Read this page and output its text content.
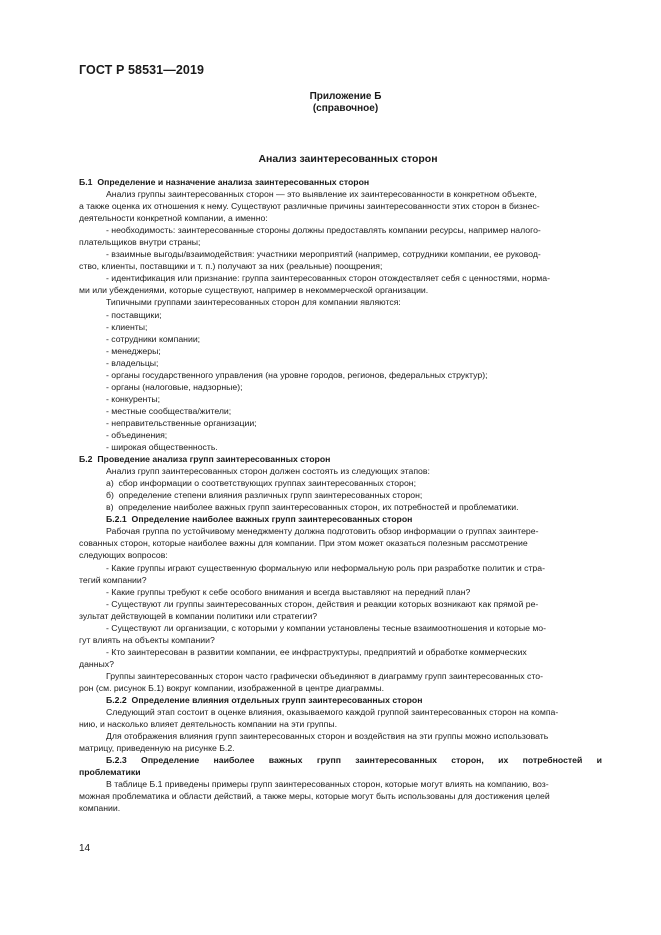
ГОСТ Р 58531—2019
Приложение Б
(справочное)
Анализ заинтересованных сторон
Б.1  Определение и назначение анализа заинтересованных сторон
Анализ группы заинтересованных сторон — это выявление их заинтересованности в конкретном объекте,
а также оценка их отношения к нему. Существуют различные причины заинтересованности этих сторон в бизнес-
деятельности конкретной компании, а именно:
- необходимость: заинтересованные стороны должны предоставлять компании ресурсы, например налого-
плательщиков внутри страны;
- взаимные выгоды/взаимодействия: участники мероприятий (например, сотрудники компании, ее руковод-
ство, клиенты, поставщики и т. п.) получают за них (реальные) поощрения;
- идентификация или признание: группа заинтересованных сторон отождествляет себя с ценностями, норма-
ми или убеждениями, которые существуют, например в некоммерческой организации.
Типичными группами заинтересованных сторон для компании являются:
- поставщики;
- клиенты;
- сотрудники компании;
- менеджеры;
- владельцы;
- органы государственного управления (на уровне городов, регионов, федеральных структур);
- органы (налоговые, надзорные);
- конкуренты;
- местные сообщества/жители;
- неправительственные организации;
- объединения;
- широкая общественность.
Б.2  Проведение анализа групп заинтересованных сторон
Анализ групп заинтересованных сторон должен состоять из следующих этапов:
а)  сбор информации о соответствующих группах заинтересованных сторон;
б)  определение степени влияния различных групп заинтересованных сторон;
в)  определение наиболее важных групп заинтересованных сторон, их потребностей и проблематики.
Б.2.1  Определение наиболее важных групп заинтересованных сторон
Рабочая группа по устойчивому менеджменту должна подготовить обзор информации о группах заинтере-
сованных сторон, которые наиболее важны для компании. При этом может оказаться полезным рассмотрение
следующих вопросов:
- Какие группы играют существенную формальную или неформальную роль при разработке политик и стра-
тегий компании?
- Какие группы требуют к себе особого внимания и всегда выставляют на передний план?
- Существуют ли группы заинтересованных сторон, действия и реакции которых возникают как прямой ре-
зультат действующей в компании политики или стратегии?
- Существуют ли организации, с которыми у компании установлены тесные взаимоотношения и которые мо-
гут влиять на объекты компании?
- Кто заинтересован в развитии компании, ее инфраструктуры, предприятий и обработке коммерческих
данных?
Группы заинтересованных сторон часто графически объединяют в диаграмму групп заинтересованных сто-
рон (см. рисунок Б.1) вокруг компании, изображенной в центре диаграммы.
Б.2.2  Определение влияния отдельных групп заинтересованных сторон
Следующий этап состоит в оценке влияния, оказываемого каждой группой заинтересованных сторон на компа-
нию, и насколько влияет деятельность компании на эти группы.
Для отображения влияния групп заинтересованных сторон и воздействия на эти группы можно использовать
матрицу, приведенную на рисунке Б.2.
Б.2.3 Определение наиболее важных групп заинтересованных сторон, их потребностей и
проблематики
В таблице Б.1 приведены примеры групп заинтересованных сторон, которые могут влиять на компанию, воз-
можная проблематика и области действий, а также меры, которые могут быть использованы для достижения целей
компании.
14
